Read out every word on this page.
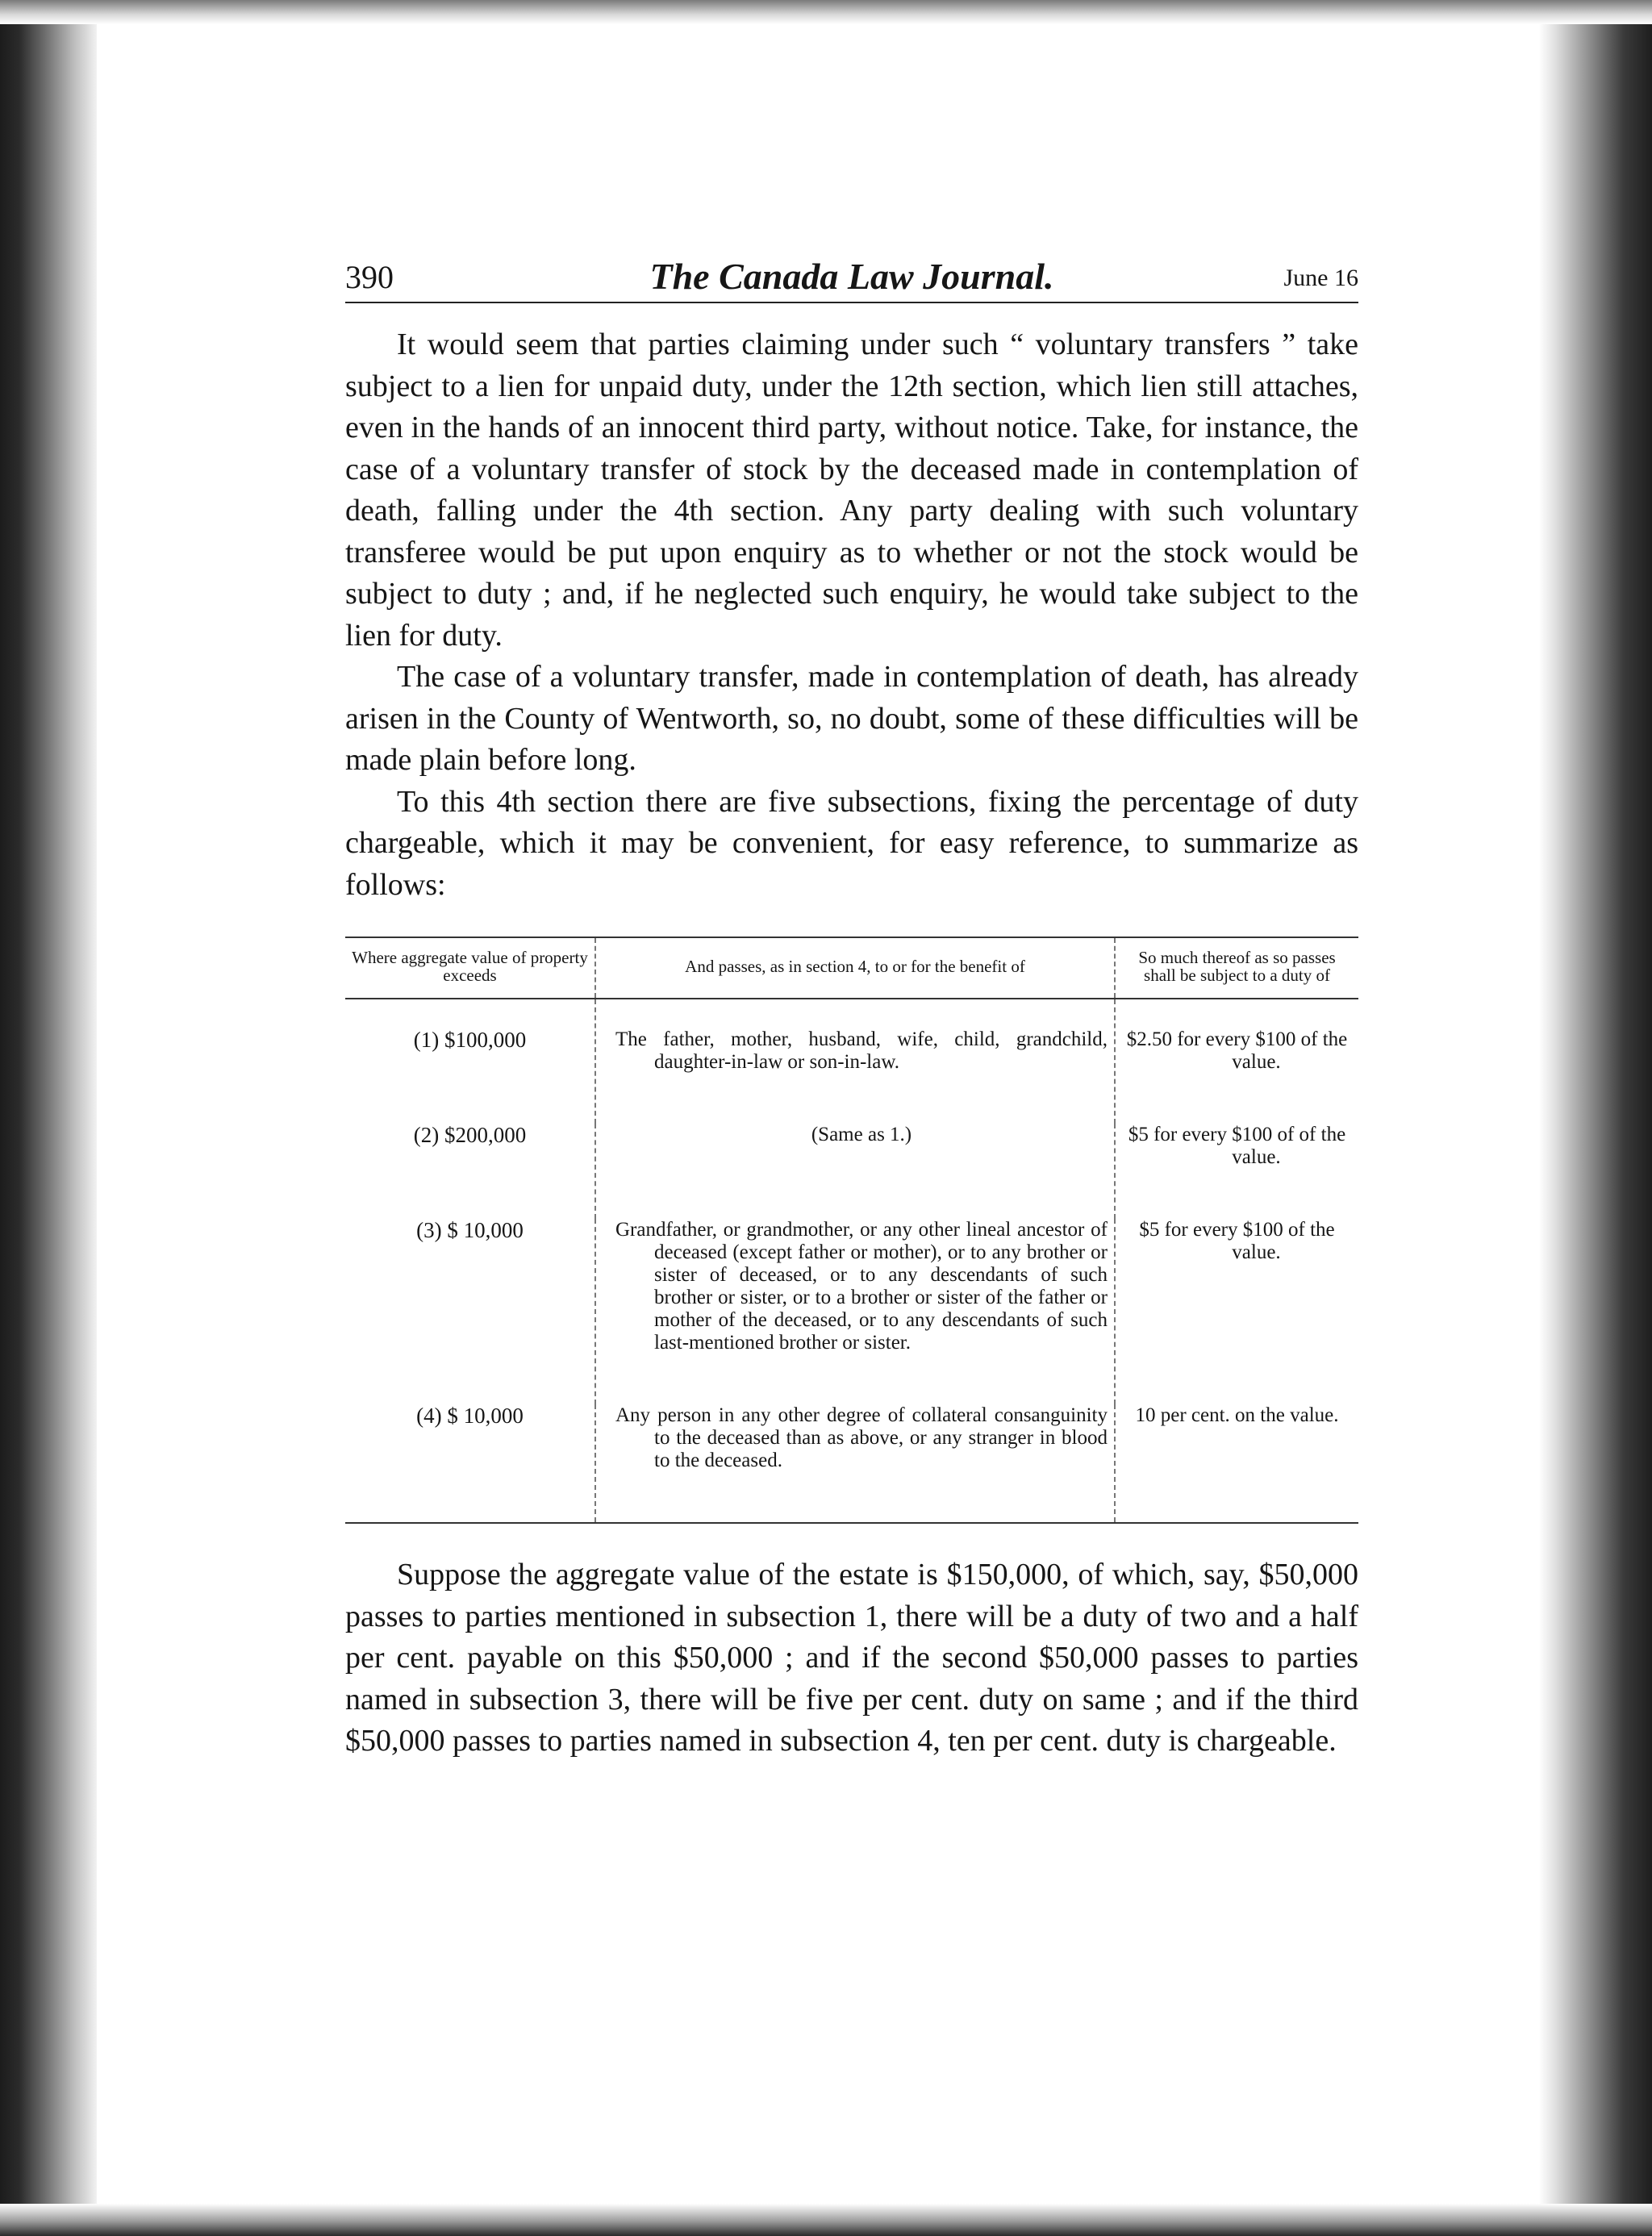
390	The Canada Law Journal.	June 16

It would seem that parties claiming under such “ voluntary transfers ” take subject to a lien for unpaid duty, under the 12th section, which lien still attaches, even in the hands of an innocent third party, without notice. Take, for instance, the case of a voluntary transfer of stock by the deceased made in contemplation of death, falling under the 4th section. Any party dealing with such voluntary transferee would be put upon enquiry as to whether or not the stock would be subject to duty ; and, if he neglected such enquiry, he would take subject to the lien for duty.

The case of a voluntary transfer, made in contemplation of death, has already arisen in the County of Wentworth, so, no doubt, some of these difficulties will be made plain before long.

To this 4th section there are five subsections, fixing the percentage of duty chargeable, which it may be convenient, for easy reference, to summarize as follows:

Where aggregate value of property exceeds	And passes, as in section 4, to or for the benefit of	So much thereof as so passes shall be subject to a duty of
(1) $100,000	The father, mother, husband, wife, child, grandchild, daughter-in-law or son-in-law.	$2.50 for every $100 of the value.

(2) $200,000	(Same as 1.)	$5 for every $100 of of the value.

(3) $ 10,000	Grandfather, or grandmother, or any other lineal ancestor of deceased (except father or mother), or to any brother or sister of deceased, or to any descendants of such brother or sister, or to a brother or sister of the father or mother of the deceased, or to any descendants of such last-mentioned brother or sister.	$5 for every $100 of the value.

(4) $ 10,000	Any person in any other degree of collateral consanguinity to the deceased than as above, or any stranger in blood to the deceased.	10 per cent. on the value.

Suppose the aggregate value of the estate is $150,000, of which, say, $50,000 passes to parties mentioned in subsection 1, there will be a duty of two and a half per cent. payable on this $50,000 ; and if the second $50,000 passes to parties named in subsection 3, there will be five per cent. duty on same ; and if the third $50,000 passes to parties named in subsection 4, ten per cent. duty is chargeable.
